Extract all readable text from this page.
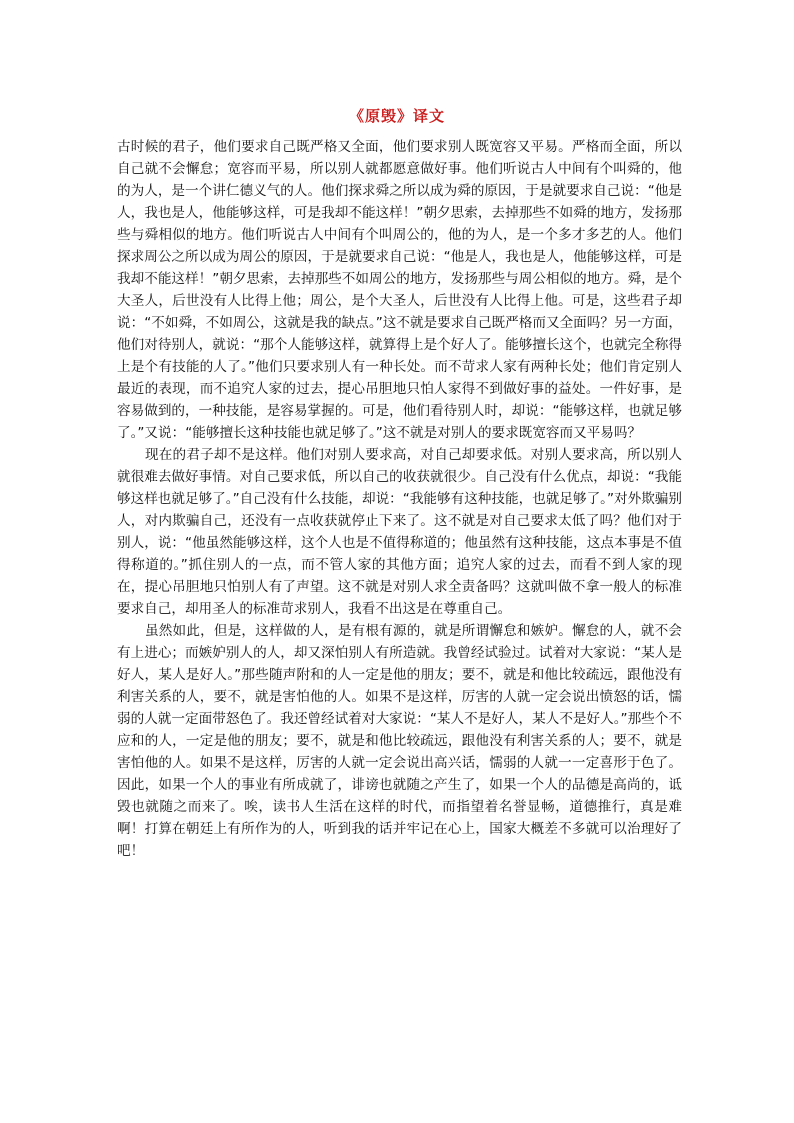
《原毁》译文

古时候的君子，他们要求自己既严格又全面，他们要求别人既宽容又平易。严格而全面，所以自己就不会懈怠；宽容而平易，所以别人就都愿意做好事。他们听说古人中间有个叫舜的，他的为人，是一个讲仁德义气的人。他们探求舜之所以成为舜的原因，于是就要求自己说：“他是人，我也是人，他能够这样，可是我却不能这样！”朝夕思索，去掉那些不如舜的地方，发扬那些与舜相似的地方。他们听说古人中间有个叫周公的，他的为人，是一个多才多艺的人。他们探求周公之所以成为周公的原因，于是就要求自己说：“他是人，我也是人，他能够这样，可是我却不能这样！”朝夕思索，去掉那些不如周公的地方，发扬那些与周公相似的地方。舜，是个大圣人，后世没有人比得上他；周公，是个大圣人，后世没有人比得上他。可是，这些君子却说：“不如舜，不如周公，这就是我的缺点。”这不就是要求自己既严格而又全面吗？另一方面，他们对待别人，就说：“那个人能够这样，就算得上是个好人了。能够擅长这个，也就完全称得上是个有技能的人了。”他们只要求别人有一种长处。而不苛求人家有两种长处；他们肯定别人最近的表现，而不追究人家的过去，提心吊胆地只怕人家得不到做好事的益处。一件好事，是容易做到的，一种技能，是容易掌握的。可是，他们看待别人时，却说：“能够这样，也就足够了。”又说：“能够擅长这种技能也就足够了。”这不就是对别人的要求既宽容而又平易吗？

现在的君子却不是这样。他们对别人要求高，对自己却要求低。对别人要求高，所以别人就很难去做好事情。对自己要求低，所以自己的收获就很少。自己没有什么优点，却说：“我能够这样也就足够了。”自己没有什么技能，却说：“我能够有这种技能，也就足够了。”对外欺骗别人，对内欺骗自己，还没有一点收获就停止下来了。这不就是对自己要求太低了吗？他们对于别人，说：“他虽然能够这样，这个人也是不值得称道的；他虽然有这种技能，这点本事是不值得称道的。”抓住别人的一点，而不管人家的其他方面；追究人家的过去，而看不到人家的现在，提心吊胆地只怕别人有了声望。这不就是对别人求全责备吗？这就叫做不拿一般人的标准要求自己，却用圣人的标准苛求别人，我看不出这是在尊重自己。

虽然如此，但是，这样做的人，是有根有源的，就是所谓懈怠和嫉妒。懈怠的人，就不会有上进心；而嫉妒别人的人，却又深怕别人有所造就。我曾经试验过。试着对大家说：“某人是好人，某人是好人。”那些随声附和的人一定是他的朋友；要不，就是和他比较疏远，跟他没有利害关系的人，要不，就是害怕他的人。如果不是这样，厉害的人就一定会说出愤怒的话，懦弱的人就一定面带怒色了。我还曾经试着对大家说：“某人不是好人，某人不是好人。”那些个不应和的人，一定是他的朋友；要不，就是和他比较疏远，跟他没有利害关系的人；要不，就是害怕他的人。如果不是这样，厉害的人就一定会说出高兴话，懦弱的人就一一定喜形于色了。因此，如果一个人的事业有所成就了，诽谤也就随之产生了，如果一个人的品德是高尚的，诋毁也就随之而来了。唉，读书人生活在这样的时代，而指望着名誉显畅，道德推行，真是难啊！打算在朝廷上有所作为的人，听到我的话并牢记在心上，国家大概差不多就可以治理好了吧！
